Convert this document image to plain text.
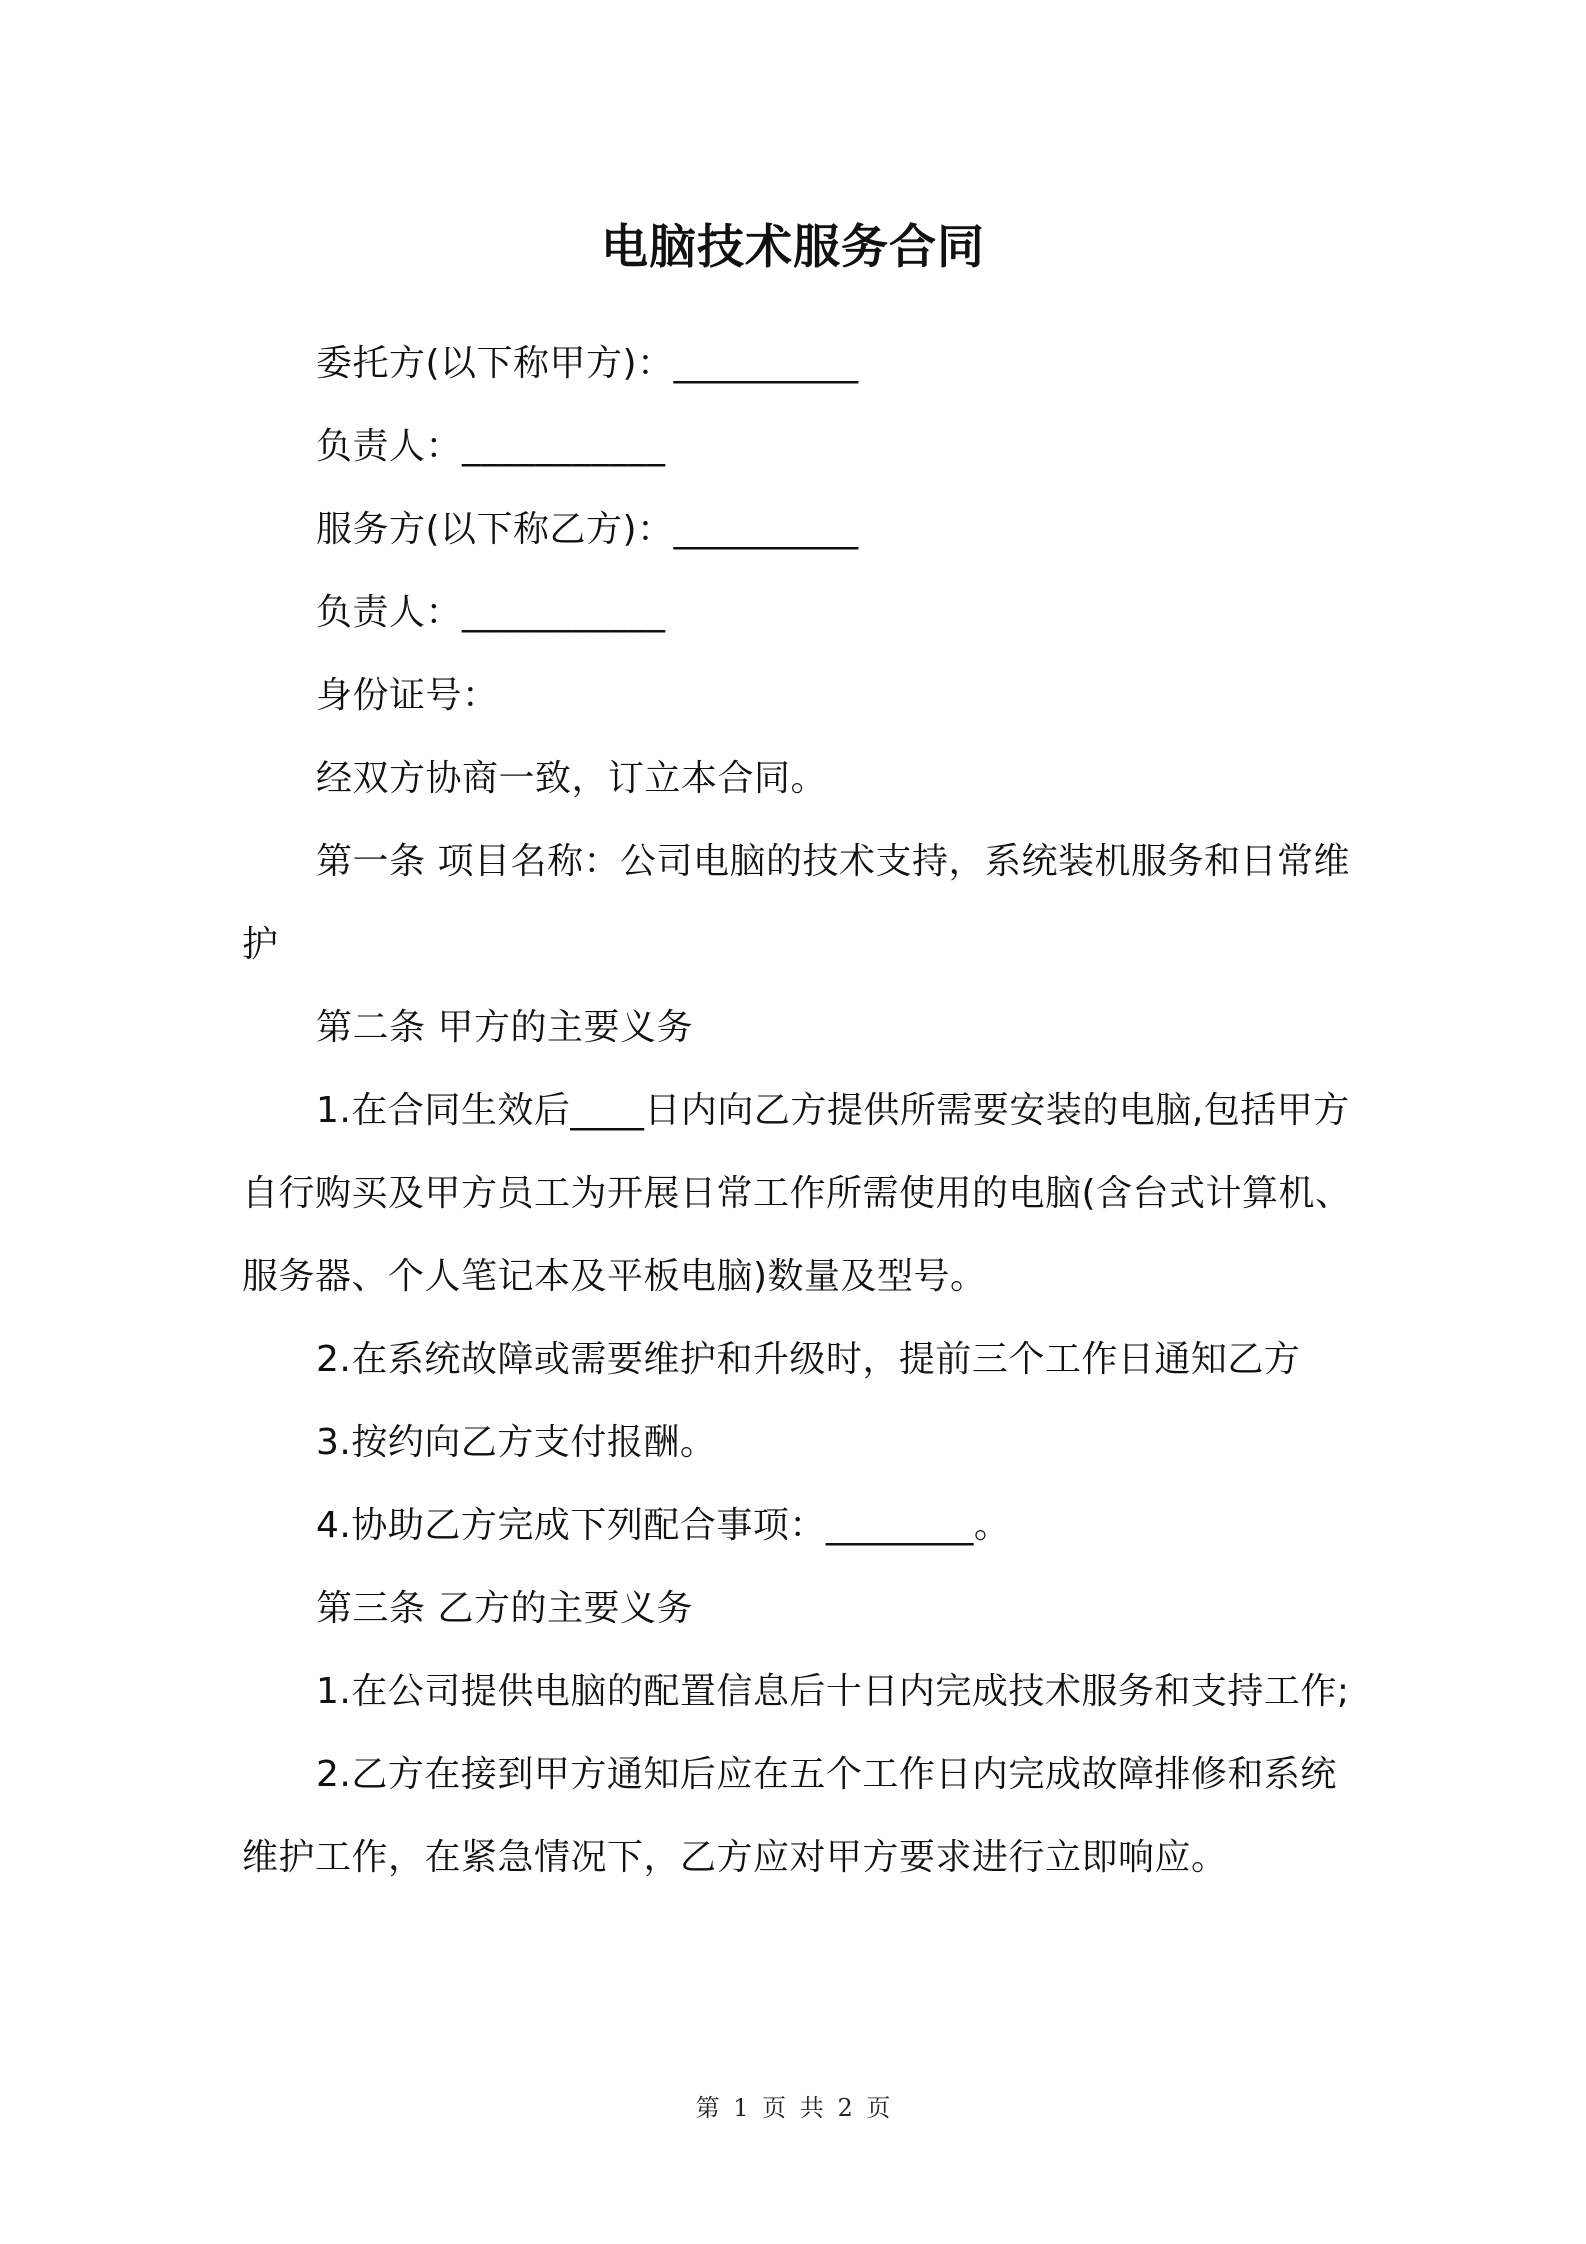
电脑技术服务合同

委托方(以下称甲方)：__________

负责人：___________

服务方(以下称乙方)：__________

负责人：___________

身份证号：

经双方协商一致，订立本合同。

第一条 项目名称：公司电脑的技术支持，系统装机服务和日常维护

第二条 甲方的主要义务

1.在合同生效后____日内向乙方提供所需要安装的电脑,包括甲方自行购买及甲方员工为开展日常工作所需使用的电脑(含台式计算机、服务器、个人笔记本及平板电脑)数量及型号。

2.在系统故障或需要维护和升级时，提前三个工作日通知乙方

3.按约向乙方支付报酬。

4.协助乙方完成下列配合事项：________。

第三条 乙方的主要义务

1.在公司提供电脑的配置信息后十日内完成技术服务和支持工作;

2.乙方在接到甲方通知后应在五个工作日内完成故障排修和系统维护工作，在紧急情况下，乙方应对甲方要求进行立即响应。

第 1 页 共 2 页
